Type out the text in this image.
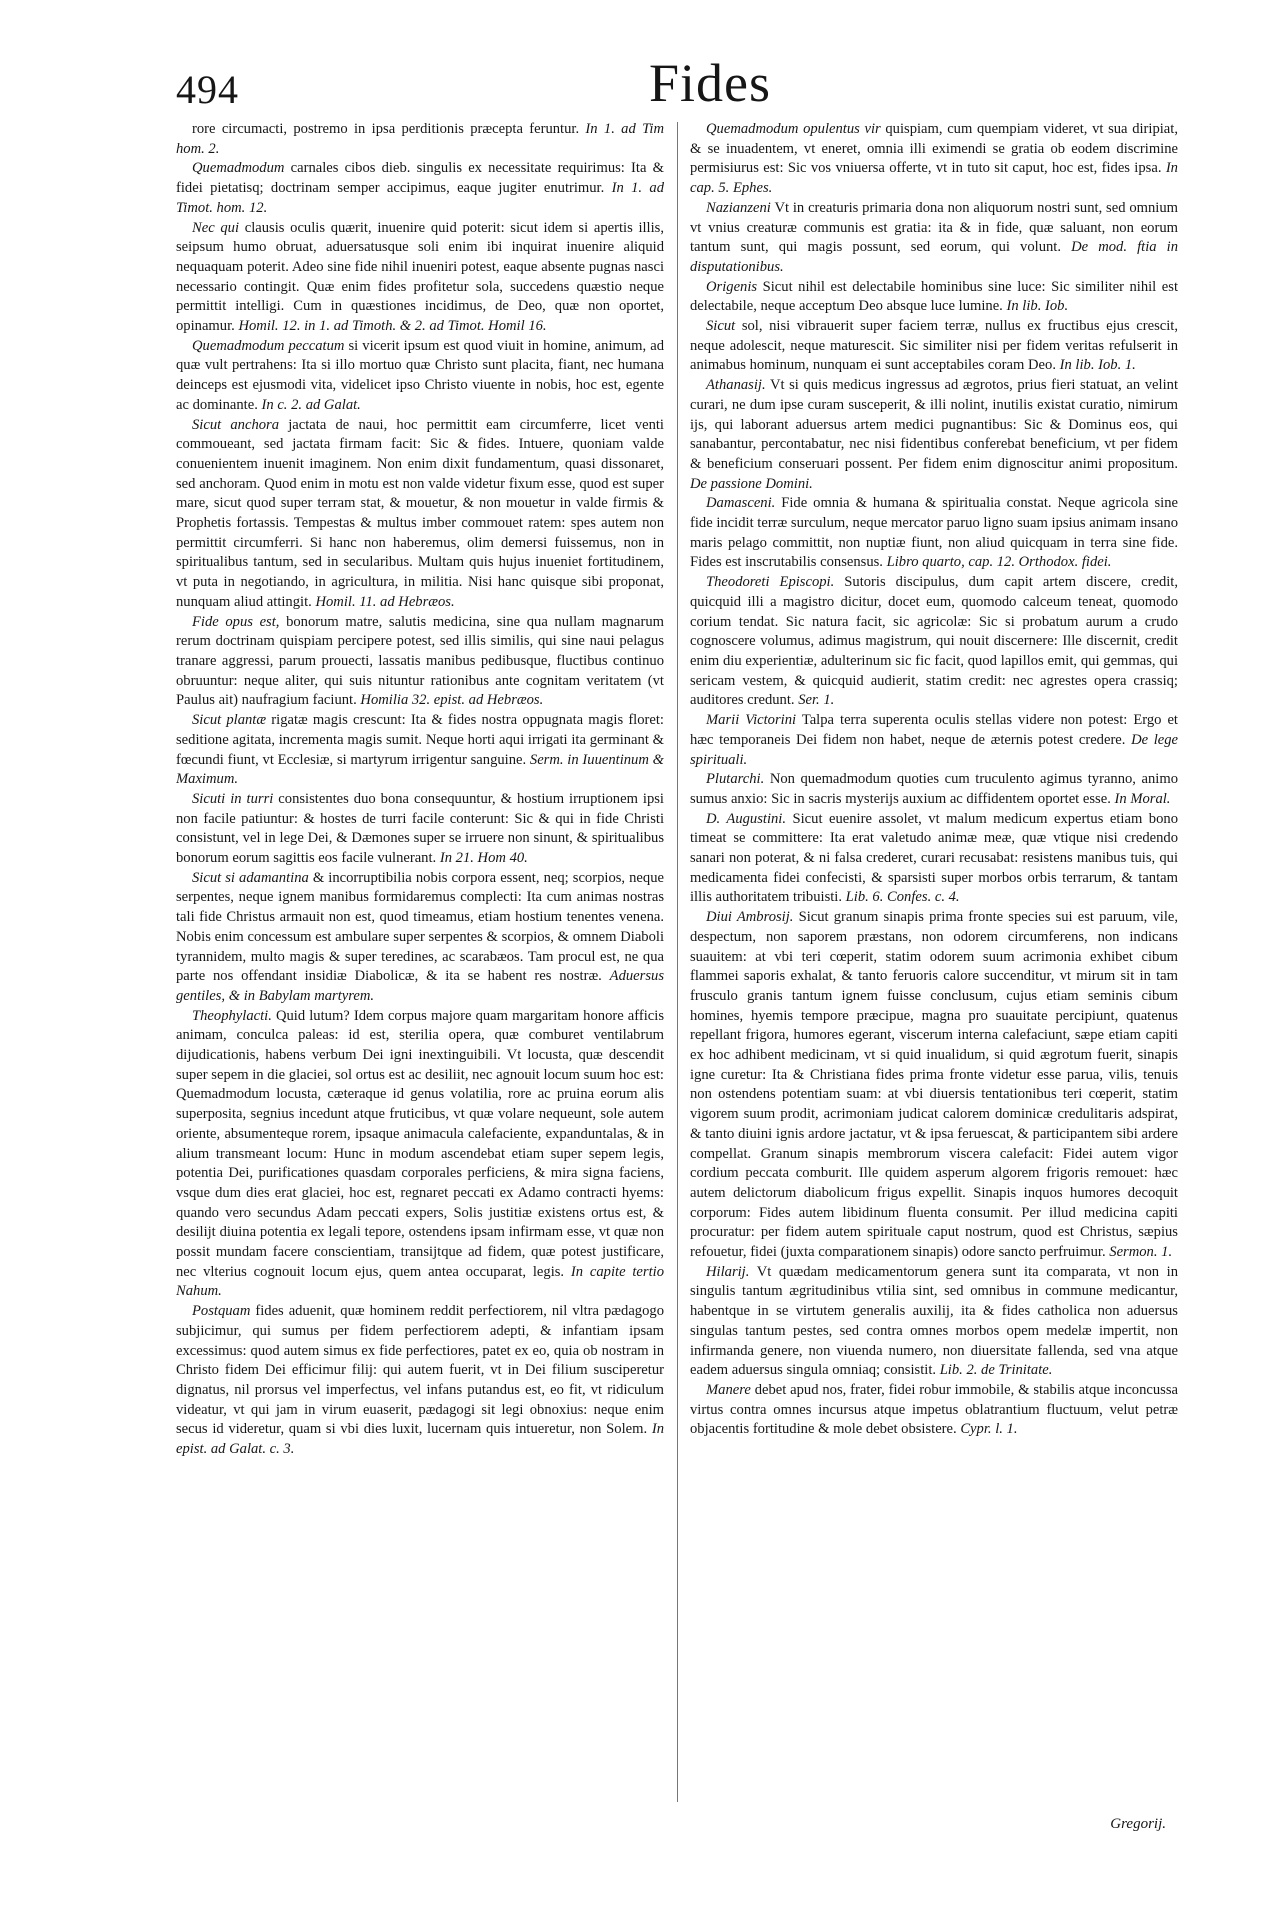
494	Fides

rore circumacti, postremo in ipsa perditionis præcepta feruntur. In 1. ad Tim hom. 2.

Quemadmodum carnales cibos dieb. singulis ex necessitate requirimus: Ita & fidei pietatisq; doctrinam semper accipimus, eaque jugiter enutrimur. In 1. ad Timot. hom. 12.

Nec qui clausis oculis quærit, inuenire quid poterit: sicut idem si apertis illis, seipsum humo obruat, aduersatusque soli enim ibi inquirat inuenire aliquid nequaquam poterit. Adeo sine fide nihil inueniri potest, eaque absente pugnas nasci necessario contingit. Quæ enim fides profitetur sola, succedens quæstio neque permittit intelligi. Cum in quæstiones incidimus, de Deo, quæ non oportet, opinamur. Homil. 12. in 1. ad Timoth. & 2. ad Timot. Homil 16.

Quemadmodum peccatum si vicerit ipsum est quod viuit in homine, animum, ad quæ vult pertrahens: Ita si illo mortuo quæ Christo sunt placita, fiant, nec humana deinceps est ejusmodi vita, videlicet ipso Christo viuente in nobis, hoc est, egente ac dominante. In c. 2. ad Galat.

Sicut anchora jactata de naui, hoc permittit eam circumferre, licet venti commoueant, sed jactata firmam facit: Sic & fides. Intuere, quoniam valde conuenientem inuenit imaginem. Non enim dixit fundamentum, quasi dissonaret, sed anchoram. Quod enim in motu est non valde videtur fixum esse, quod est super mare, sicut quod super terram stat, & mouetur, & non mouetur in valde firmis & Prophetis fortassis. Tempestas & multus imber commouet ratem: spes autem non permittit circumferri. Si hanc non haberemus, olim demersi fuissemus, non in spiritualibus tantum, sed in secularibus. Multam quis hujus inueniet fortitudinem, vt puta in negotiando, in agricultura, in militia. Nisi hanc quisque sibi proponat, nunquam aliud attingit. Homil. 11. ad Hebræos.

Fide opus est, bonorum matre, salutis medicina, sine qua nullam magnarum rerum doctrinam quispiam percipere potest, sed illis similis, qui sine naui pelagus tranare aggressi, parum prouecti, lassatis manibus pedibusque, fluctibus continuo obruuntur: neque aliter, qui suis nituntur rationibus ante cognitam veritatem (vt Paulus ait) naufragium faciunt. Homilia 32. epist. ad Hebræos.

Sicut plantæ rigatæ magis crescunt: Ita & fides nostra oppugnata magis floret: seditione agitata, incrementa magis sumit. Neque horti aqui irrigati ita germinant & fœcundi fiunt, vt Ecclesiæ, si martyrum irrigentur sanguine. Serm. in Iuuentinum & Maximum.

Sicuti in turri consistentes duo bona consequuntur, & hostium irruptionem ipsi non facile patiuntur: & hostes de turri facile conterunt: Sic & qui in fide Christi consistunt, vel in lege Dei, & Dæmones super se irruere non sinunt, & spiritualibus bonorum eorum sagittis eos facile vulnerant. In 21. Hom 40.

Sicut si adamantina & incorruptibilia nobis corpora essent, neq; scorpios, neque serpentes, neque ignem manibus formidaremus complecti: Ita cum animas nostras tali fide Christus armauit non est, quod timeamus, etiam hostium tenentes venena. Nobis enim concessum est ambulare super serpentes & scorpios, & omnem Diaboli tyrannidem, multo magis & super teredines, ac scarabæos. Tam procul est, ne qua parte nos offendant insidiæ Diabolicæ, & ita se habent res nostræ. Aduersus gentiles, & in Babylam martyrem.

Theophylacti. Quid lutum? Idem corpus majore quam margaritam honore afficis animam, conculca paleas: id est, sterilia opera, quæ comburet ventilabrum dijudicationis, habens verbum Dei igni inextinguibili. Vt locusta, quæ descendit super sepem in die glaciei, sol ortus est ac desiliit, nec agnouit locum suum hoc est: Quemadmodum locusta, cæteraque id genus volatilia, rore ac pruina eorum alis superposita, segnius incedunt atque fruticibus, vt quæ volare nequeunt, sole autem oriente, absumenteque rorem, ipsaque animacula calefaciente, expanduntalas, & in alium transmeant locum: Hunc in modum ascendebat etiam super sepem legis, potentia Dei, purificationes quasdam corporales perficiens, & mira signa faciens, vsque dum dies erat glaciei, hoc est, regnaret peccati ex Adamo contracti hyems: quando vero secundus Adam peccati expers, Solis justitiæ existens ortus est, & desilijt diuina potentia ex legali tepore, ostendens ipsam infirmam esse, vt quæ non possit mundam facere conscientiam, transijtque ad fidem, quæ potest justificare, nec vlterius cognouit locum ejus, quem antea occuparat, legis. In capite tertio Nahum.

Postquam fides aduenit, quæ hominem reddit perfectiorem, nil vltra pædagogo subjicimur, qui sumus per fidem perfectiorem adepti, & infantiam ipsam excessimus: quod autem simus ex fide perfectiores, patet ex eo, quia ob nostram in Christo fidem Dei efficimur filij: qui autem fuerit, vt in Dei filium susciperetur dignatus, nil prorsus vel imperfectus, vel infans putandus est, eo fit, vt ridiculum videatur, vt qui jam in virum euaserit, pædagogi sit legi obnoxius: neque enim secus id videretur, quam si vbi dies luxit, lucernam quis intueretur, non Solem. In epist. ad Galat. c. 3.

Quemadmodum opulentus vir quispiam, cum quempiam videret, vt sua diripiat, & se inuadentem, vt eneret, omnia illi eximendi se gratia ob eodem discrimine permisiurus est: Sic vos vniuersa offerte, vt in tuto sit caput, hoc est, fides ipsa. In cap. 5. Ephes.

Nazianzeni Vt in creaturis primaria dona non aliquorum nostri sunt, sed omnium vt vnius creaturæ communis est gratia: ita & in fide, quæ saluant, non eorum tantum sunt, qui magis possunt, sed eorum, qui volunt. De mod. ftia in disputationibus.

Origenis Sicut nihil est delectabile hominibus sine luce: Sic similiter nihil est delectabile, neque acceptum Deo absque luce lumine. In lib. Iob.

Sicut sol, nisi vibrauerit super faciem terræ, nullus ex fructibus ejus crescit, neque adolescit, neque maturescit. Sic similiter nisi per fidem veritas refulserit in animabus hominum, nunquam ei sunt acceptabiles coram Deo. In lib. Iob. 1.

Athanasij. Vt si quis medicus ingressus ad ægrotos, prius fieri statuat, an velint curari, ne dum ipse curam susceperit, & illi nolint, inutilis existat curatio, nimirum ijs, qui laborant aduersus artem medici pugnantibus: Sic & Dominus eos, qui sanabantur, percontabatur, nec nisi fidentibus conferebat beneficium, vt per fidem & beneficium conseruari possent. Per fidem enim dignoscitur animi propositum. De passione Domini.

Damasceni. Fide omnia & humana & spiritualia constat. Neque agricola sine fide incidit terræ surculum, neque mercator paruo ligno suam ipsius animam insano maris pelago committit, non nuptiæ fiunt, non aliud quicquam in terra sine fide. Fides est inscrutabilis consensus. Libro quarto, cap. 12. Orthodox. fidei.

Theodoreti Episcopi. Sutoris discipulus, dum capit artem discere, credit, quicquid illi a magistro dicitur, docet eum, quomodo calceum teneat, quomodo corium tendat. Sic natura facit, sic agricolæ: Sic si probatum aurum a crudo cognoscere volumus, adimus magistrum, qui nouit discernere: Ille discernit, credit enim diu experientiæ, adulterinum sic fic facit, quod lapillos emit, qui gemmas, qui sericam vestem, & quicquid audierit, statim credit: nec agrestes opera crassiq; auditores credunt. Ser. 1.

Marii Victorini Talpa terra superenta oculis stellas videre non potest: Ergo et hæc temporaneis Dei fidem non habet, neque de æternis potest credere. De lege spirituali.

Plutarchi. Non quemadmodum quoties cum truculento agimus tyranno, animo sumus anxio: Sic in sacris mysterijs auxium ac diffidentem oportet esse. In Moral.

D. Augustini. Sicut euenire assolet, vt malum medicum expertus etiam bono timeat se committere: Ita erat valetudo animæ meæ, quæ vtique nisi credendo sanari non poterat, & ni falsa crederet, curari recusabat: resistens manibus tuis, qui medicamenta fidei confecisti, & sparsisti super morbos orbis terrarum, & tantam illis authoritatem tribuisti. Lib. 6. Confes. c. 4.

Diui Ambrosij. Sicut granum sinapis prima fronte species sui est paruum, vile, despectum, non saporem præstans, non odorem circumferens, non indicans suauitem: at vbi teri cœperit, statim odorem suum acrimonia exhibet cibum flammei saporis exhalat, & tanto feruoris calore succenditur, vt mirum sit in tam frusculo granis tantum ignem fuisse conclusum, cujus etiam seminis cibum homines, hyemis tempore præcipue, magna pro suauitate percipiunt, quatenus repellant frigora, humores egerant, viscerum interna calefaciunt, sæpe etiam capiti ex hoc adhibent medicinam, vt si quid inualidum, si quid ægrotum fuerit, sinapis igne curetur: Ita & Christiana fides prima fronte videtur esse parua, vilis, tenuis non ostendens potentiam suam: at vbi diuersis tentationibus teri cœperit, statim vigorem suum prodit, acrimoniam judicat calorem dominicæ credulitaris adspirat, & tanto diuini ignis ardore jactatur, vt & ipsa feruescat, & participantem sibi ardere compellat. Granum sinapis membrorum viscera calefacit: Fidei autem vigor cordium peccata comburit. Ille quidem asperum algorem frigoris remouet: hæc autem delictorum diabolicum frigus expellit. Sinapis inquos humores decoquit corporum: Fides autem libidinum fluenta consumit. Per illud medicina capiti procuratur: per fidem autem spirituale caput nostrum, quod est Christus, sæpius refouetur, fidei (juxta comparationem sinapis) odore sancto perfruimur. Sermon. 1.

Hilarij. Vt quædam medicamentorum genera sunt ita comparata, vt non in singulis tantum ægritudinibus vtilia sint, sed omnibus in commune medicantur, habentque in se virtutem generalis auxilij, ita & fides catholica non aduersus singulas tantum pestes, sed contra omnes morbos opem medelæ impertit, non infirmanda genere, non viuenda numero, non diuersitate fallenda, sed vna atque eadem aduersus singula omniaq; consistit. Lib. 2. de Trinitate.

Manere debet apud nos, frater, fidei robur immobile, & stabilis atque inconcussa virtus contra omnes incursus atque impetus oblatrantium fluctuum, velut petræ objacentis fortitudine & mole debet obsistere. Cypr. l. 1.

Gregorij.
